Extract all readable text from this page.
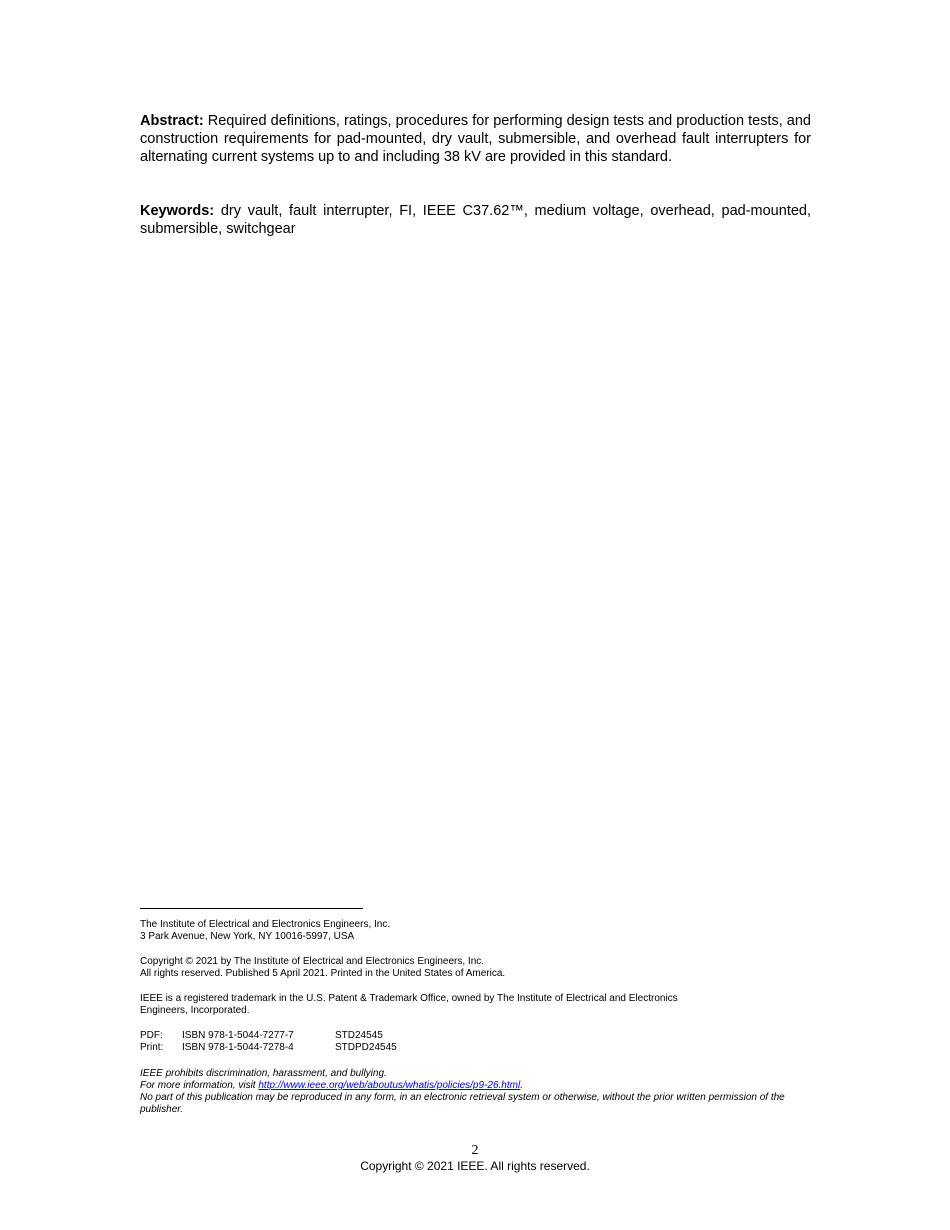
Abstract: Required definitions, ratings, procedures for performing design tests and production tests, and construction requirements for pad-mounted, dry vault, submersible, and overhead fault interrupters for alternating current systems up to and including 38 kV are provided in this standard.

Keywords: dry vault, fault interrupter, FI, IEEE C37.62™, medium voltage, overhead, pad-mounted, submersible, switchgear

The Institute of Electrical and Electronics Engineers, Inc.
3 Park Avenue, New York, NY 10016-5997, USA
Copyright © 2021 by The Institute of Electrical and Electronics Engineers, Inc.
All rights reserved. Published 5 April 2021. Printed in the United States of America.
IEEE is a registered trademark in the U.S. Patent & Trademark Office, owned by The Institute of Electrical and Electronics
Engineers, Incorporated.
PDF:	ISBN 978-1-5044-7277-7	STD24545
Print:	ISBN 978-1-5044-7278-4	STDPD24545
IEEE prohibits discrimination, harassment, and bullying.
For more information, visit http://www.ieee.org/web/aboutus/whatis/policies/p9-26.html.
No part of this publication may be reproduced in any form, in an electronic retrieval system or otherwise, without the prior written permission of the publisher.
2
Copyright © 2021 IEEE. All rights reserved.
